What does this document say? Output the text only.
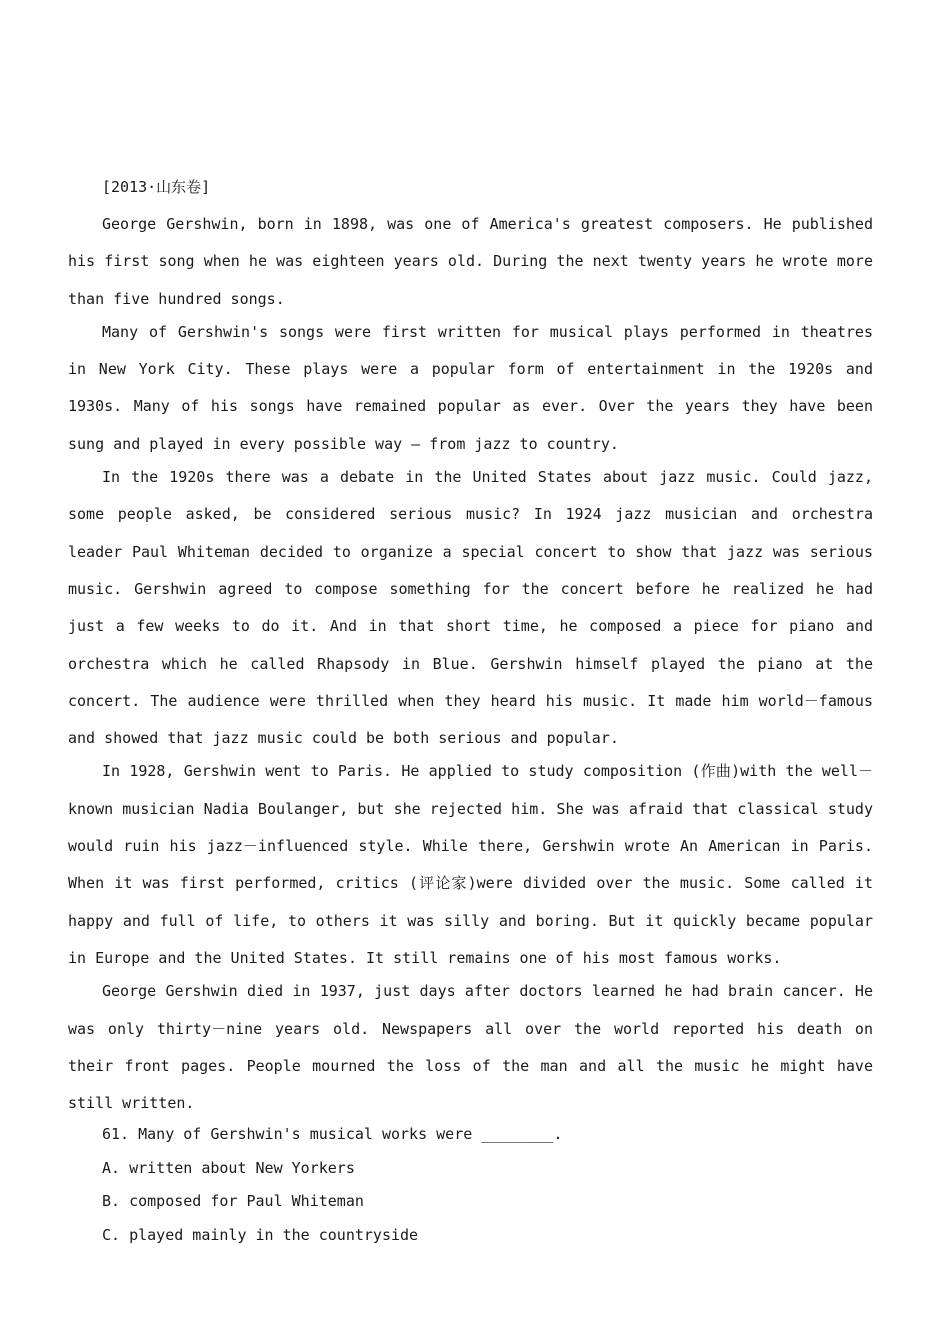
[2013·山东卷]

George Gershwin, born in 1898, was one of America's greatest composers. He published his first song when he was eighteen years old. During the next twenty years he wrote more than five hundred songs.

Many of Gershwin's songs were first written for musical plays performed in theatres in New York City. These plays were a popular form of entertainment in the 1920s and 1930s. Many of his songs have remained popular as ever. Over the years they have been sung and played in every possible way — from jazz to country.

In the 1920s there was a debate in the United States about jazz music. Could jazz, some people asked, be considered serious music? In 1924 jazz musician and orchestra leader Paul Whiteman decided to organize a special concert to show that jazz was serious music. Gershwin agreed to compose something for the concert before he realized he had just a few weeks to do it. And in that short time, he composed a piece for piano and orchestra which he called Rhapsody in Blue. Gershwin himself played the piano at the concert. The audience were thrilled when they heard his music. It made him world－famous and showed that jazz music could be both serious and popular.

In 1928, Gershwin went to Paris. He applied to study composition (作曲)with the well－known musician Nadia Boulanger, but she rejected him. She was afraid that classical study would ruin his jazz－influenced style. While there, Gershwin wrote An American in Paris. When it was first performed, critics (评论家)were divided over the music. Some called it happy and full of life, to others it was silly and boring. But it quickly became popular in Europe and the United States. It still remains one of his most famous works.

George Gershwin died in 1937, just days after doctors learned he had brain cancer. He was only thirty－nine years old. Newspapers all over the world reported his death on their front pages. People mourned the loss of the man and all the music he might have still written.

61. Many of Gershwin's musical works were ________.
A. written about New Yorkers
B. composed for Paul Whiteman
C. played mainly in the countryside
